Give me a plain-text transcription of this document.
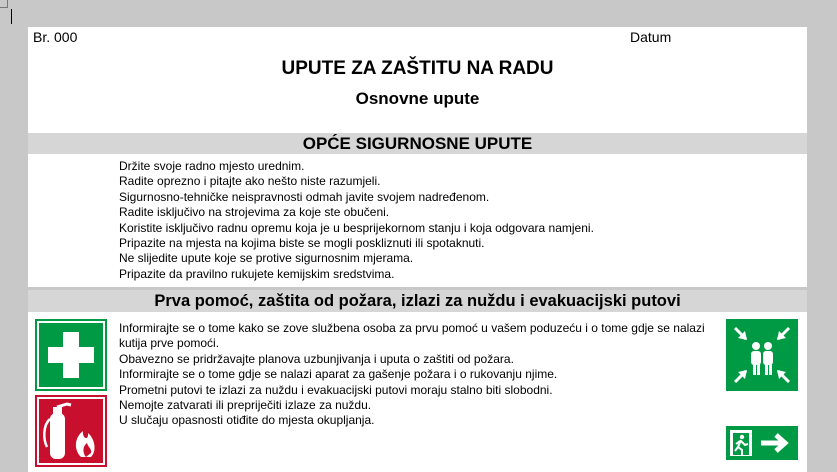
Br. 000	Datum
UPUTE ZA ZAŠTITU NA RADU
Osnovne upute
OPĆE SIGURNOSNE UPUTE
Držite svoje radno mjesto urednim.
Radite oprezno i pitajte ako nešto niste razumjeli.
Sigurnosno-tehničke neispravnosti odmah javite svojem nadređenom.
Radite isključivo na strojevima za koje ste obučeni.
Koristite isključivo radnu opremu koja je u besprijekornom stanju i koja odgovara namjeni.
Pripazite na mjesta na kojima biste se mogli poskliznuti ili spotaknuti.
Ne slijedite upute koje se protive sigurnosnim mjerama.
Pripazite da pravilno rukujete kemijskim sredstvima.
Prva pomoć, zaštita od požara, izlazi za nuždu i evakuacijski putovi
Informirajte se o tome kako se zove službena osoba za prvu pomoć u vašem poduzeću i o tome gdje se nalazi kutija prve pomoći.
Obavezno se pridržavajte planova uzbunjivanja i uputa o zaštiti od požara.
Informirajte se o tome gdje se nalazi aparat za gašenje požara i o rukovanju njime.
Prometni putovi te izlazi za nuždu i evakuacijski putovi moraju stalno biti slobodni.
Nemojte zatvarati ili prepriječiti izlaze za nuždu.
U slučaju opasnosti otiđite do mjesta okupljanja.
